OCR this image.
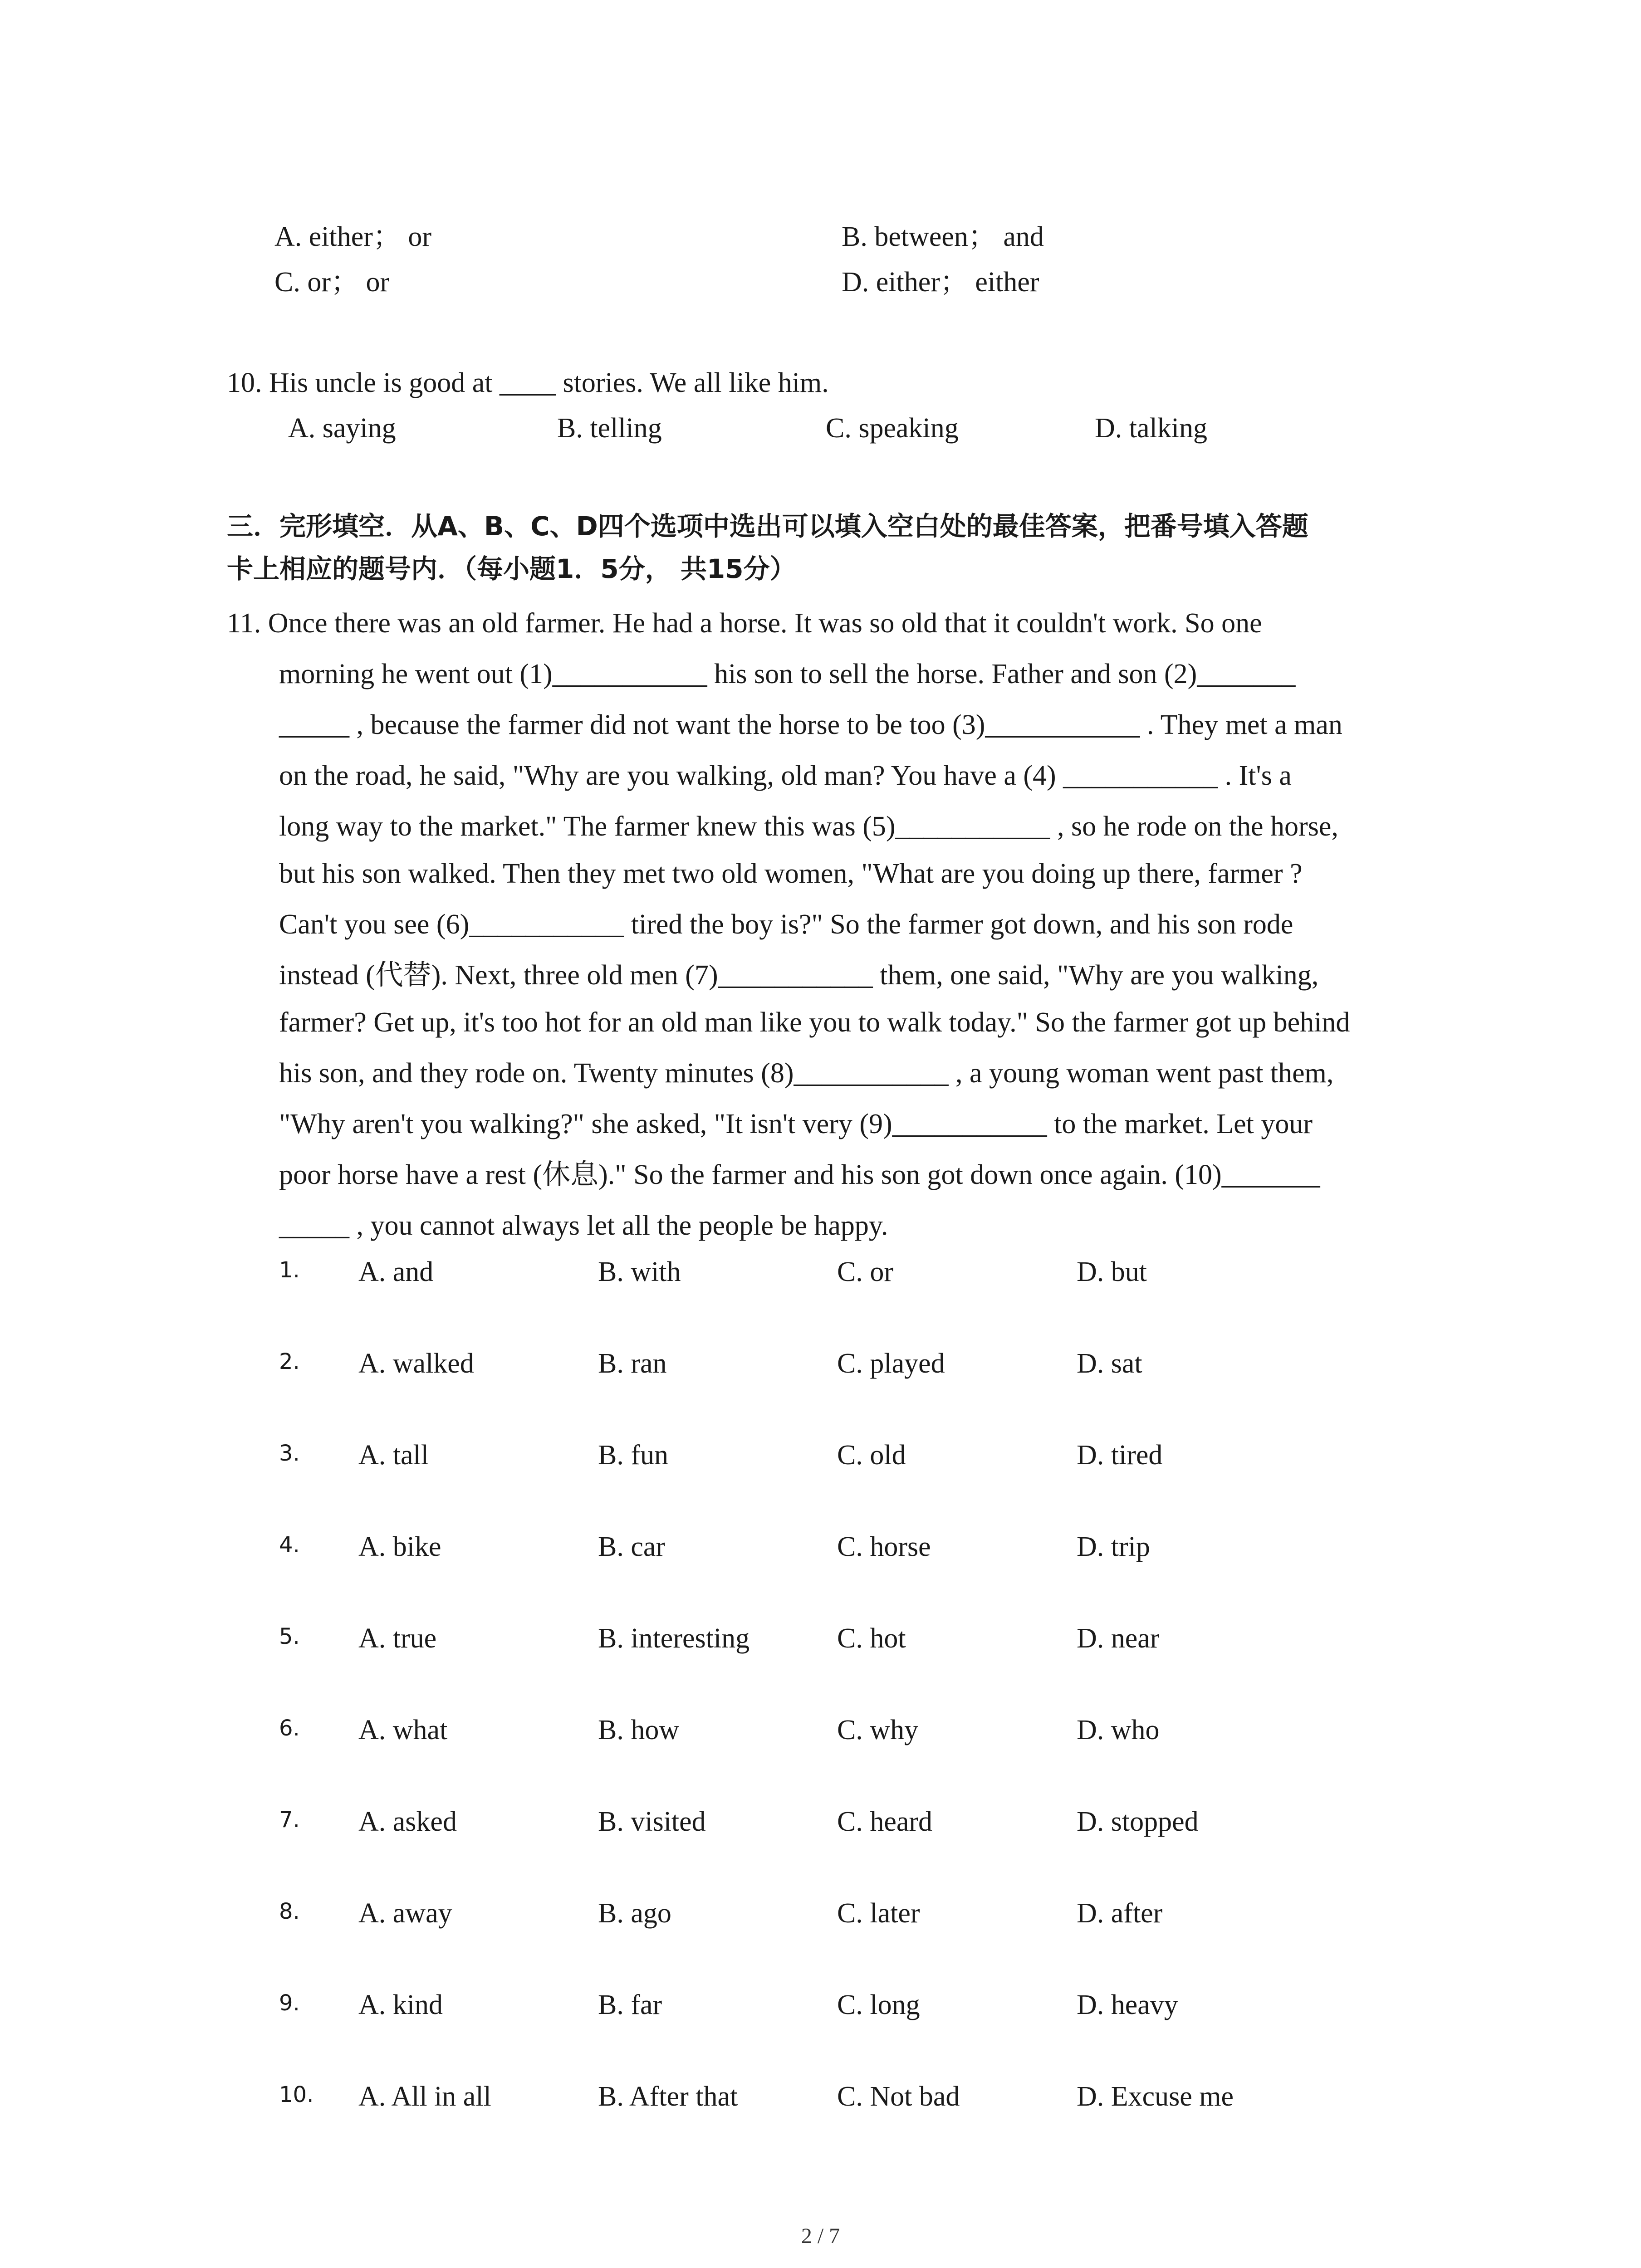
A. either； or	B. between； and
C. or； or	D. either； either
10. His uncle is good at ____ stories. We all like him.
A. saying	B. telling	C. speaking	D. talking
三．完形填空．从A、B、C、D四个选项中选出可以填入空白处的最佳答案，把番号填入答题
卡上相应的题号内．（每小题1．5分， 共15分）
11. Once there was an old farmer. He had a horse. It was so old that it couldn't work. So one
morning he went out (1)___________ his son to sell the horse. Father and son (2)_______
_____ , because the farmer did not want the horse to be too (3)___________ . They met a man
on the road, he said, "Why are you walking, old man? You have a (4) ___________ . It's a
long way to the market." The farmer knew this was (5)___________ , so he rode on the horse,
but his son walked. Then they met two old women, "What are you doing up there, farmer ?
Can't you see (6)___________ tired the boy is?" So the farmer got down, and his son rode
instead (代替). Next, three old men (7)___________ them, one said, "Why are you walking,
farmer? Get up, it's too hot for an old man like you to walk today." So the farmer got up behind
his son, and they rode on. Twenty minutes (8)___________ , a young woman went past them,
"Why aren't you walking?" she asked, "It isn't very (9)___________ to the market. Let your
poor horse have a rest (休息)." So the farmer and his son got down once again. (10)_______
_____ , you cannot always let all the people be happy.
1. A. and	B. with	C. or	D. but
2. A. walked	B. ran	C. played	D. sat
3. A. tall	B. fun	C. old	D. tired
4. A. bike	B. car	C. horse	D. trip
5. A. true	B. interesting	C. hot	D. near
6. A. what	B. how	C. why	D. who
7. A. asked	B. visited	C. heard	D. stopped
8. A. away	B. ago	C. later	D. after
9. A. kind	B. far	C. long	D. heavy
10. A. All in all	B. After that	C. Not bad	D. Excuse me
2 / 7
